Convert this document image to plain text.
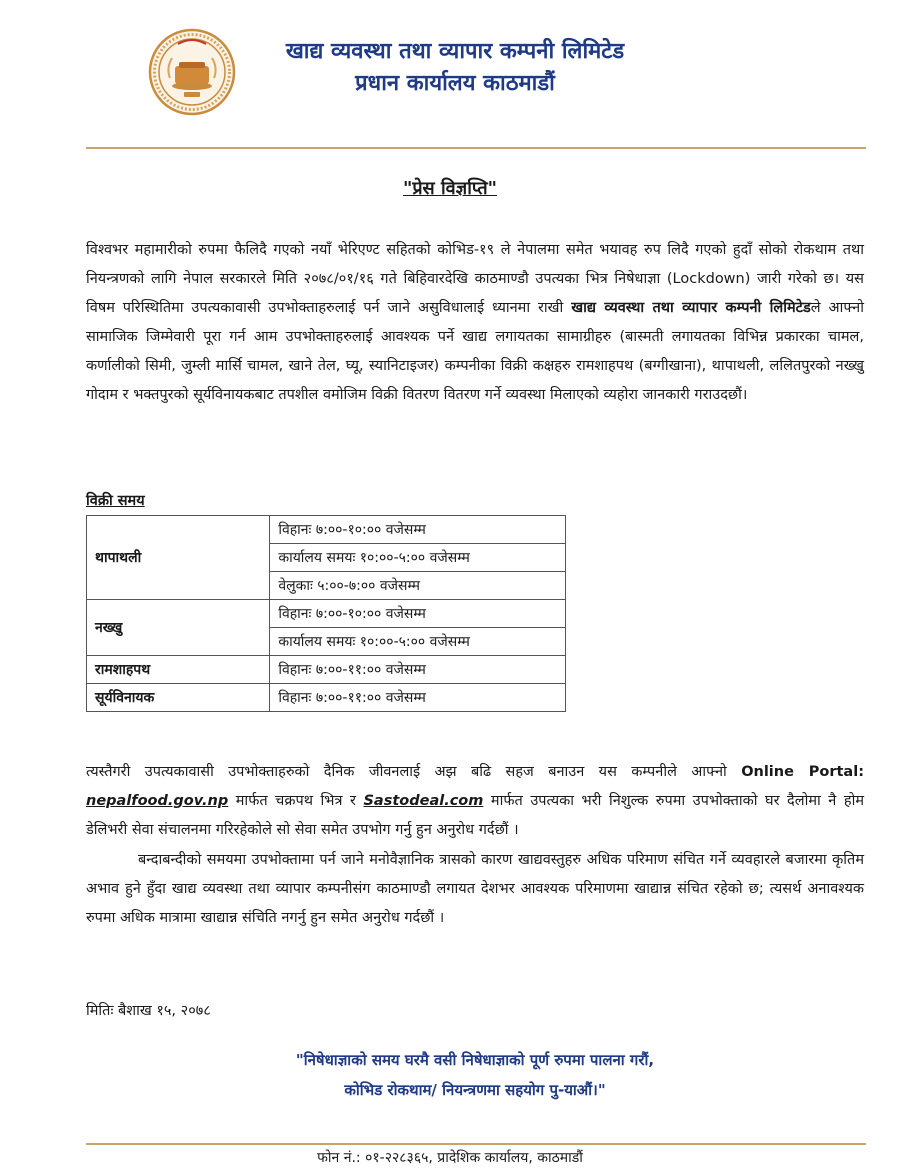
खाद्य व्यवस्था तथा व्यापार कम्पनी लिमिटेड
प्रधान कार्यालय काठमाडौं
"प्रेस विज्ञप्ति"
विश्वभर महामारीको रुपमा फैलिदै गएको नयाँ भेरिएण्ट सहितको कोभिड-१९ ले नेपालमा समेत भयावह रुप लिदै गएको हुदाँ सोको रोकथाम तथा नियन्त्रणको लागि नेपाल सरकारले मिति २०७८/०१/१६ गते बिहिवारदेखि काठमाण्डौ उपत्यका भित्र निषेधाज्ञा (Lockdown) जारी गरेको छ। यस विषम परिस्थितिमा उपत्यकावासी उपभोक्ताहरुलाई पर्न जाने असुविधालाई ध्यानमा राखी खाद्य व्यवस्था तथा व्यापार कम्पनी लिमिटेडले आफ्नो सामाजिक जिम्मेवारी पूरा गर्न आम उपभोक्ताहरुलाई आवश्यक पर्ने खाद्य लगायतका सामाग्रीहरु (बास्मती लगायतका विभिन्न प्रकारका चामल, कर्णालीको सिमी, जुम्ली मार्सि चामल, खाने तेल, घ्यू, स्यानिटाइजर) कम्पनीका विक्री कक्षहरु रामशाहपथ (बग्गीखाना), थापाथली, ललितपुरको नख्खु गोदाम र भक्तपुरको सूर्यविनायकबाट तपशील वमोजिम विक्री वितरण वितरण गर्ने व्यवस्था मिलाएको व्यहोरा जानकारी गराउदछौं।
विक्री समय
थापाथली	विहानः ७:००-१०:०० वजेसम्म
	कार्यालय समयः १०:००-५:०० वजेसम्म
	वेलुकाः ५:००-७:०० वजेसम्म
नख्खु	विहानः ७:००-१०:०० वजेसम्म
	कार्यालय समयः १०:००-५:०० वजेसम्म
रामशाहपथ	विहानः ७:००-११:०० वजेसम्म
सूर्यविनायक	विहानः ७:००-११:०० वजेसम्म
त्यस्तैगरी उपत्यकावासी उपभोक्ताहरुको दैनिक जीवनलाई अझ बढि सहज बनाउन यस कम्पनीले आफ्नो Online Portal: nepalfood.gov.np मार्फत चक्रपथ भित्र र Sastodeal.com मार्फत उपत्यका भरी निशुल्क रुपमा उपभोक्ताको घर दैलोमा नै होम डेलिभरी सेवा संचालनमा गरिरहेकोले सो सेवा समेत उपभोग गर्नु हुन अनुरोध गर्दछौं ।
बन्दाबन्दीको समयमा उपभोक्तामा पर्न जाने मनोवैज्ञानिक त्रासको कारण खाद्यवस्तुहरु अधिक परिमाण संचित गर्ने व्यवहारले बजारमा कृतिम अभाव हुने हुँदा खाद्य व्यवस्था तथा व्यापार कम्पनीसंग काठमाण्डौ लगायत देशभर आवश्यक परिमाणमा खाद्यान्न संचित रहेको छ; त्यसर्थ अनावश्यक रुपमा अधिक मात्रामा खाद्यान्न संचिति नगर्नु हुन समेत अनुरोध गर्दछौं ।
मितिः बैशाख १५, २०७८
"निषेधाज्ञाको समय घरमै वसी निषेधाज्ञाको पूर्ण रुपमा पालना गरौं,
कोभिड रोकथाम/ नियन्त्रणमा सहयोग पु-याऔं।"
फोन नं.: ०१-२२८३६५, प्रादेशिक कार्यालय, काठमाडौं
